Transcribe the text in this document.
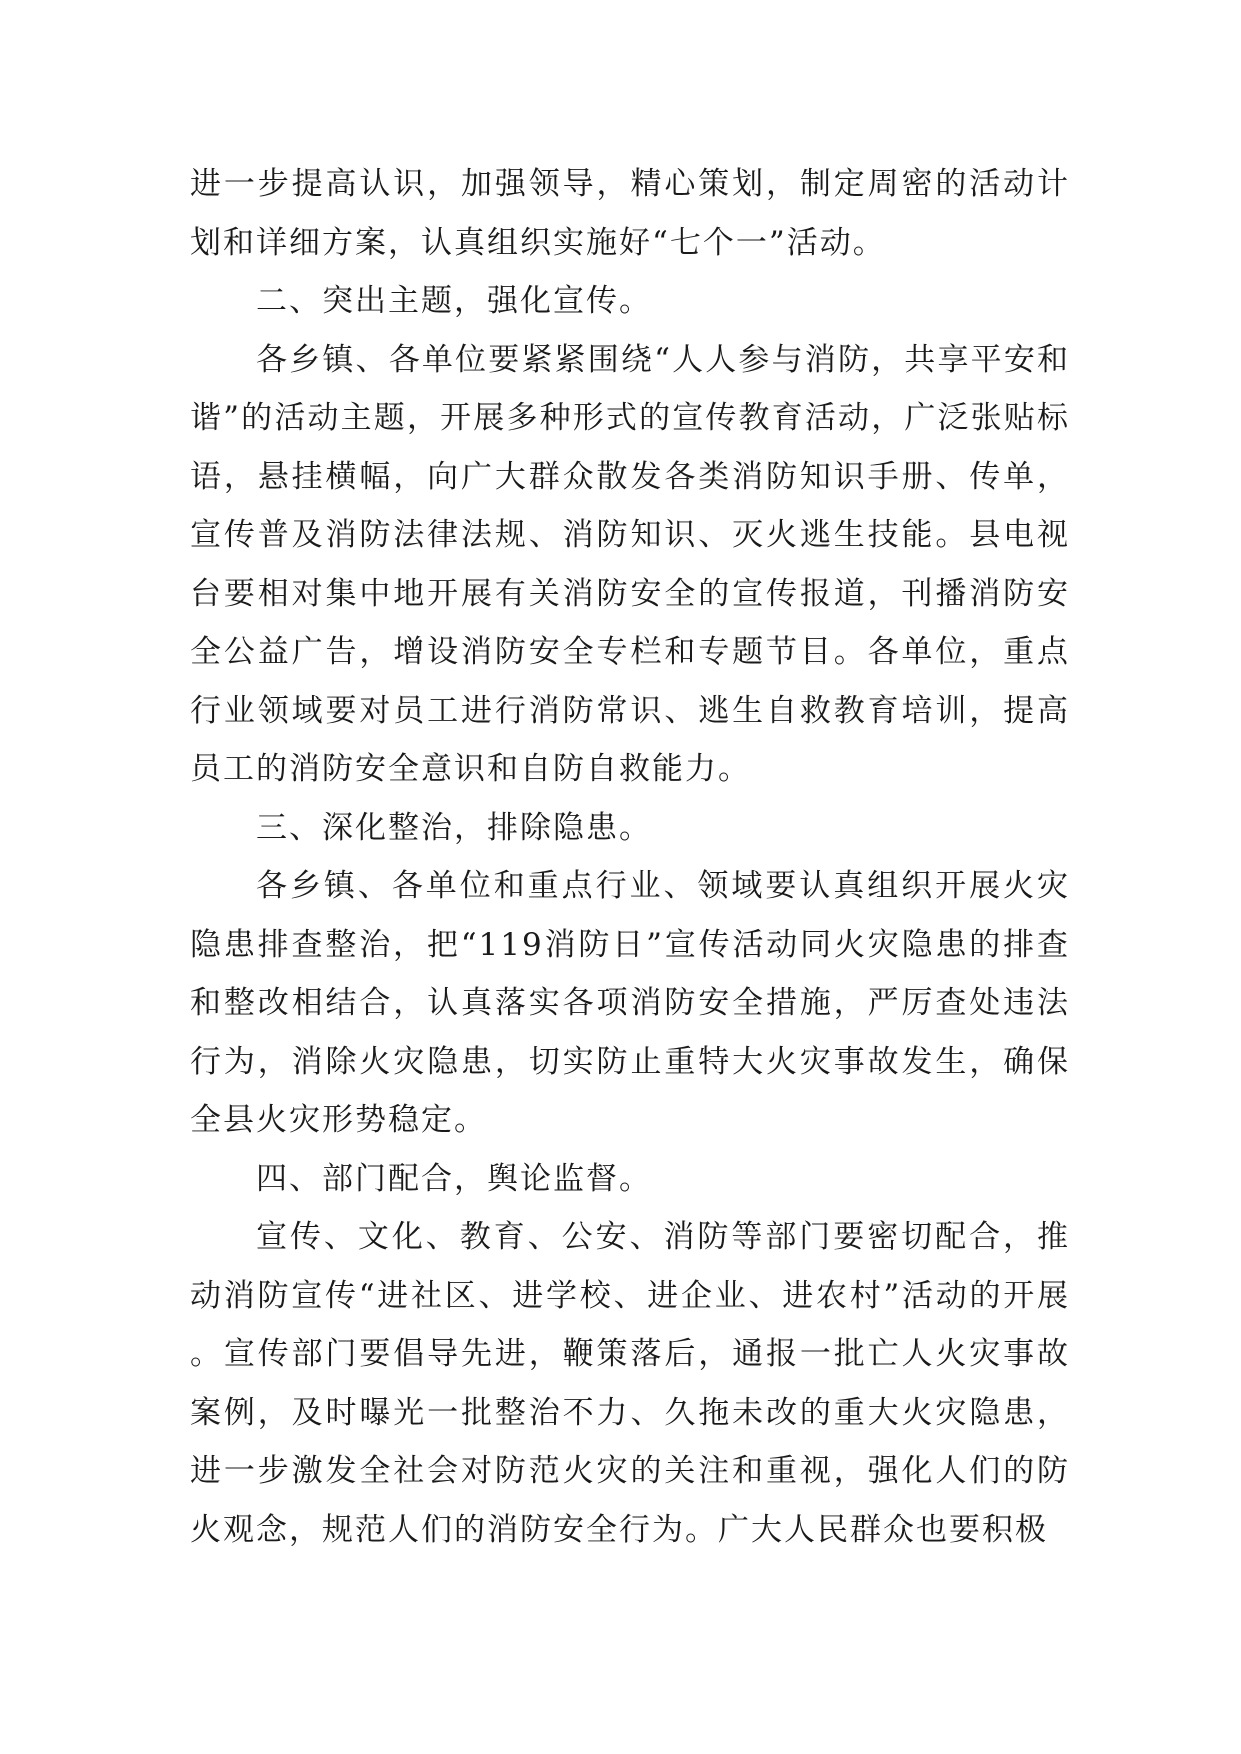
进一步提高认识，加强领导，精心策划，制定周密的活动计划和详细方案，认真组织实施好“七个一”活动。

二、突出主题，强化宣传。

各乡镇、各单位要紧紧围绕“人人参与消防，共享平安和谐”的活动主题，开展多种形式的宣传教育活动，广泛张贴标语，悬挂横幅，向广大群众散发各类消防知识手册、传单，宣传普及消防法律法规、消防知识、灭火逃生技能。县电视台要相对集中地开展有关消防安全的宣传报道，刊播消防安全公益广告，增设消防安全专栏和专题节目。各单位，重点行业领域要对员工进行消防常识、逃生自救教育培训，提高员工的消防安全意识和自防自救能力。

三、深化整治，排除隐患。

各乡镇、各单位和重点行业、领域要认真组织开展火灾隐患排查整治，把“119消防日”宣传活动同火灾隐患的排查和整改相结合，认真落实各项消防安全措施，严厉查处违法行为，消除火灾隐患，切实防止重特大火灾事故发生，确保全县火灾形势稳定。

四、部门配合，舆论监督。

宣传、文化、教育、公安、消防等部门要密切配合，推动消防宣传“进社区、进学校、进企业、进农村”活动的开展。宣传部门要倡导先进，鞭策落后，通报一批亡人火灾事故案例，及时曝光一批整治不力、久拖未改的重大火灾隐患，进一步激发全社会对防范火灾的关注和重视，强化人们的防火观念，规范人们的消防安全行为。广大人民群众也要积极
